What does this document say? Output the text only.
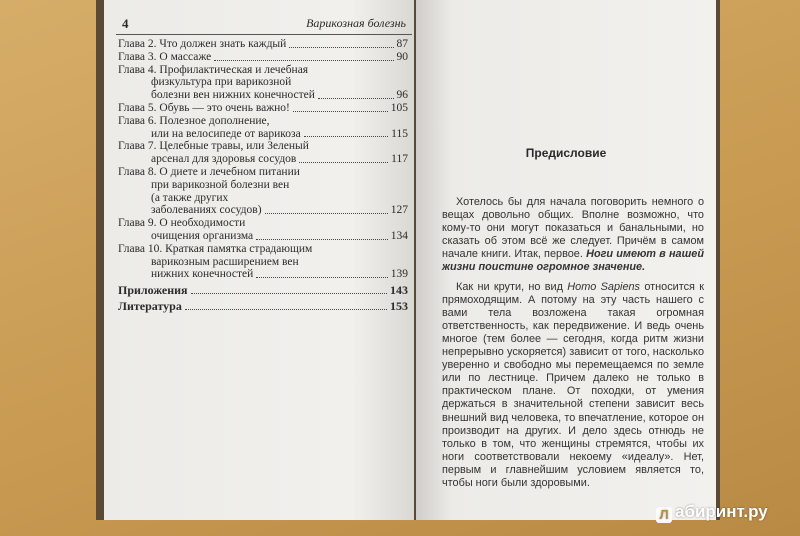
4	Варикозная болезнь
Глава 2. Что должен знать каждый	87
Глава 3. О массаже	90
Глава 4. Профилактическая и лечебная
физкультура при варикозной
болезни вен нижних конечностей	96
Глава 5. Обувь — это очень важно!	105
Глава 6. Полезное дополнение,
или на велосипеде от варикоза	115
Глава 7. Целебные травы, или Зеленый
арсенал для здоровья сосудов	117
Глава 8. О диете и лечебном питании
при варикозной болезни вен
(а также других
заболеваниях сосудов)	127
Глава 9. О необходимости
очищения организма	134
Глава 10. Краткая памятка страдающим
варикозным расширением вен
нижних конечностей	139
Приложения	143
Литература	153
Предисловие

Хотелось бы для начала поговорить немного о вещах довольно общих. Вполне возможно, что кому-то они могут показаться и банальными, но сказать об этом всё же следует. Причём в самом начале книги. Итак, первое. Ноги имеют в нашей жизни поистине огромное значение.

Как ни крути, но вид Homo Sapiens относится к прямоходящим. А потому на эту часть нашего с вами тела возложена такая огромная ответственность, как передвижение. И ведь очень многое (тем более — сегодня, когда ритм жизни непрерывно ускоряется) зависит от того, насколько уверенно и свободно мы перемещаемся по земле или по лестнице. Причем далеко не только в практическом плане. От походки, от умения держаться в значительной степени зависит весь внешний вид человека, то впечатление, которое он производит на других. И дело здесь отнюдь не только в том, что женщины стремятся, чтобы их ноги соответствовали некоему «идеалу». Нет, первым и главнейшим условием является то, чтобы ноги были здоровыми.

Л абиринт.ру
